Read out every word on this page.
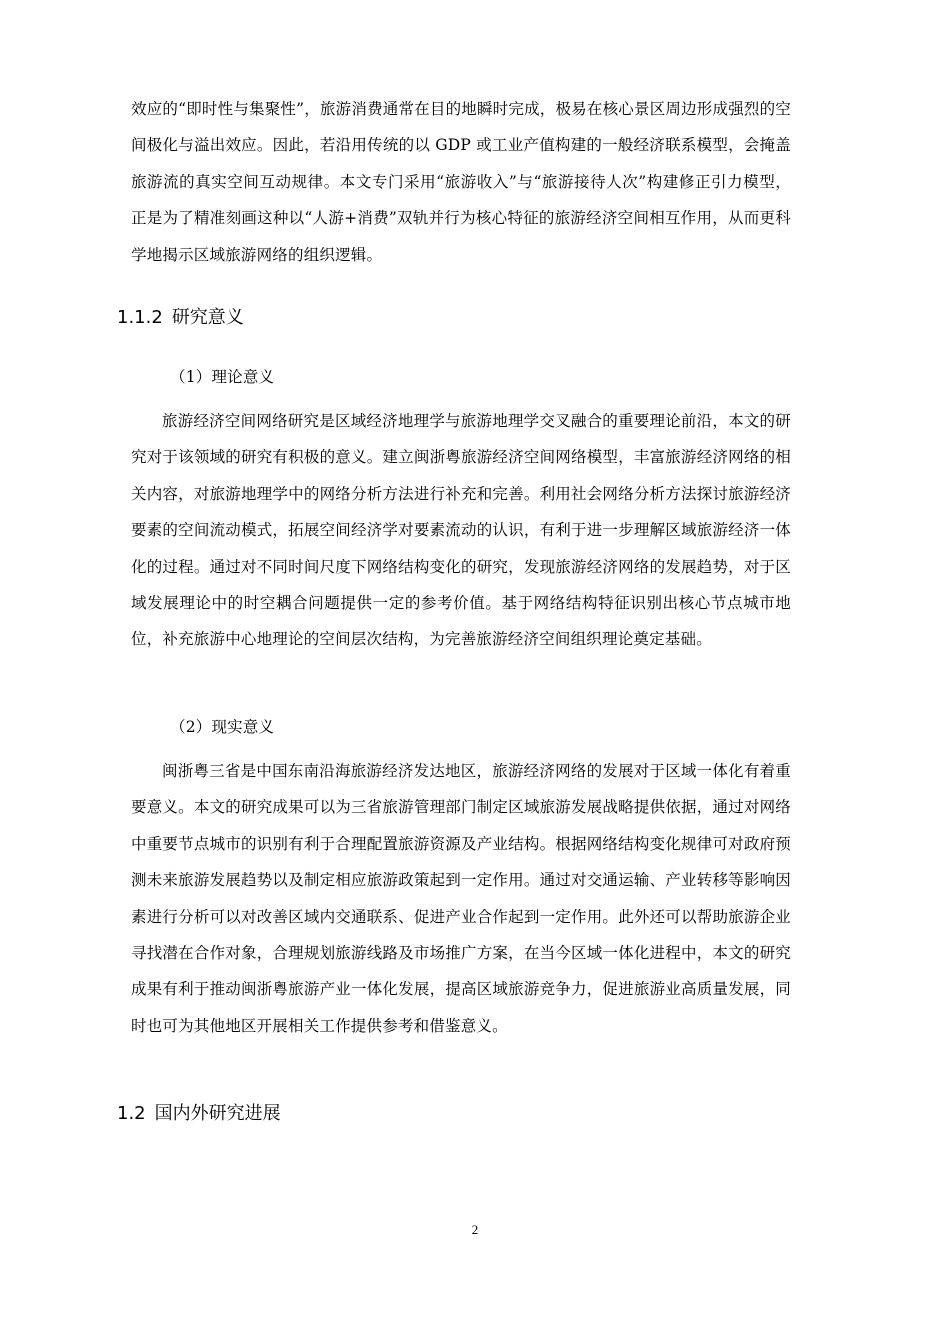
效应的“即时性与集聚性”，旅游消费通常在目的地瞬时完成，极易在核心景区周边形成强烈的空间极化与溢出效应。因此，若沿用传统的以 GDP 或工业产值构建的一般经济联系模型，会掩盖旅游流的真实空间互动规律。本文专门采用“旅游收入”与“旅游接待人次”构建修正引力模型，正是为了精准刻画这种以“人游+消费”双轨并行为核心特征的旅游经济空间相互作用，从而更科学地揭示区域旅游网络的组织逻辑。

1.1.2 研究意义

（1）理论意义

旅游经济空间网络研究是区域经济地理学与旅游地理学交叉融合的重要理论前沿，本文的研究对于该领域的研究有积极的意义。建立闽浙粤旅游经济空间网络模型，丰富旅游经济网络的相关内容，对旅游地理学中的网络分析方法进行补充和完善。利用社会网络分析方法探讨旅游经济要素的空间流动模式，拓展空间经济学对要素流动的认识，有利于进一步理解区域旅游经济一体化的过程。通过对不同时间尺度下网络结构变化的研究，发现旅游经济网络的发展趋势，对于区域发展理论中的时空耦合问题提供一定的参考价值。基于网络结构特征识别出核心节点城市地位，补充旅游中心地理论的空间层次结构，为完善旅游经济空间组织理论奠定基础。

（2）现实意义

闽浙粤三省是中国东南沿海旅游经济发达地区，旅游经济网络的发展对于区域一体化有着重要意义。本文的研究成果可以为三省旅游管理部门制定区域旅游发展战略提供依据，通过对网络中重要节点城市的识别有利于合理配置旅游资源及产业结构。根据网络结构变化规律可对政府预测未来旅游发展趋势以及制定相应旅游政策起到一定作用。通过对交通运输、产业转移等影响因素进行分析可以对改善区域内交通联系、促进产业合作起到一定作用。此外还可以帮助旅游企业寻找潜在合作对象，合理规划旅游线路及市场推广方案，在当今区域一体化进程中，本文的研究成果有利于推动闽浙粤旅游产业一体化发展，提高区域旅游竞争力，促进旅游业高质量发展，同时也可为其他地区开展相关工作提供参考和借鉴意义。

1.2 国内外研究进展
2
